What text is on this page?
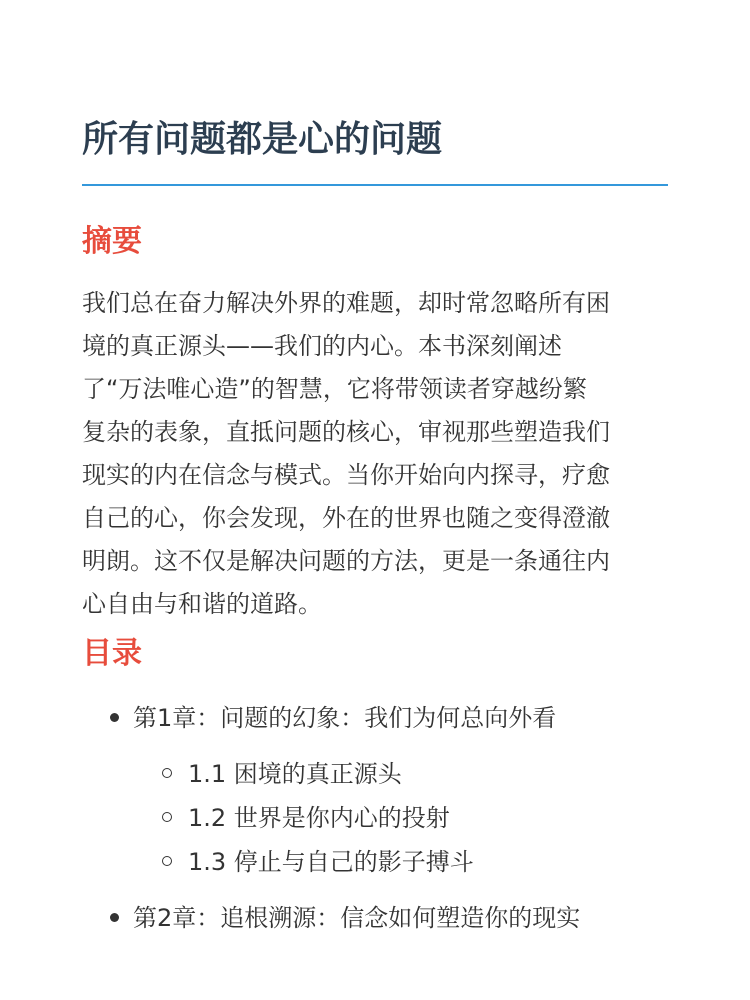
所有问题都是心的问题
摘要

我们总在奋力解决外界的难题，却时常忽略所有困
境的真正源头——我们的内心。本书深刻阐述
了“万法唯心造”的智慧，它将带领读者穿越纷繁
复杂的表象，直抵问题的核心，审视那些塑造我们
现实的内在信念与模式。当你开始向内探寻，疗愈
自己的心，你会发现，外在的世界也随之变得澄澈
明朗。这不仅是解决问题的方法，更是一条通往内
心自由与和谐的道路。

目录
第1章：问题的幻象：我们为何总向外看
1.1 困境的真正源头
1.2 世界是你内心的投射
1.3 停止与自己的影子搏斗
第2章：追根溯源：信念如何塑造你的现实
